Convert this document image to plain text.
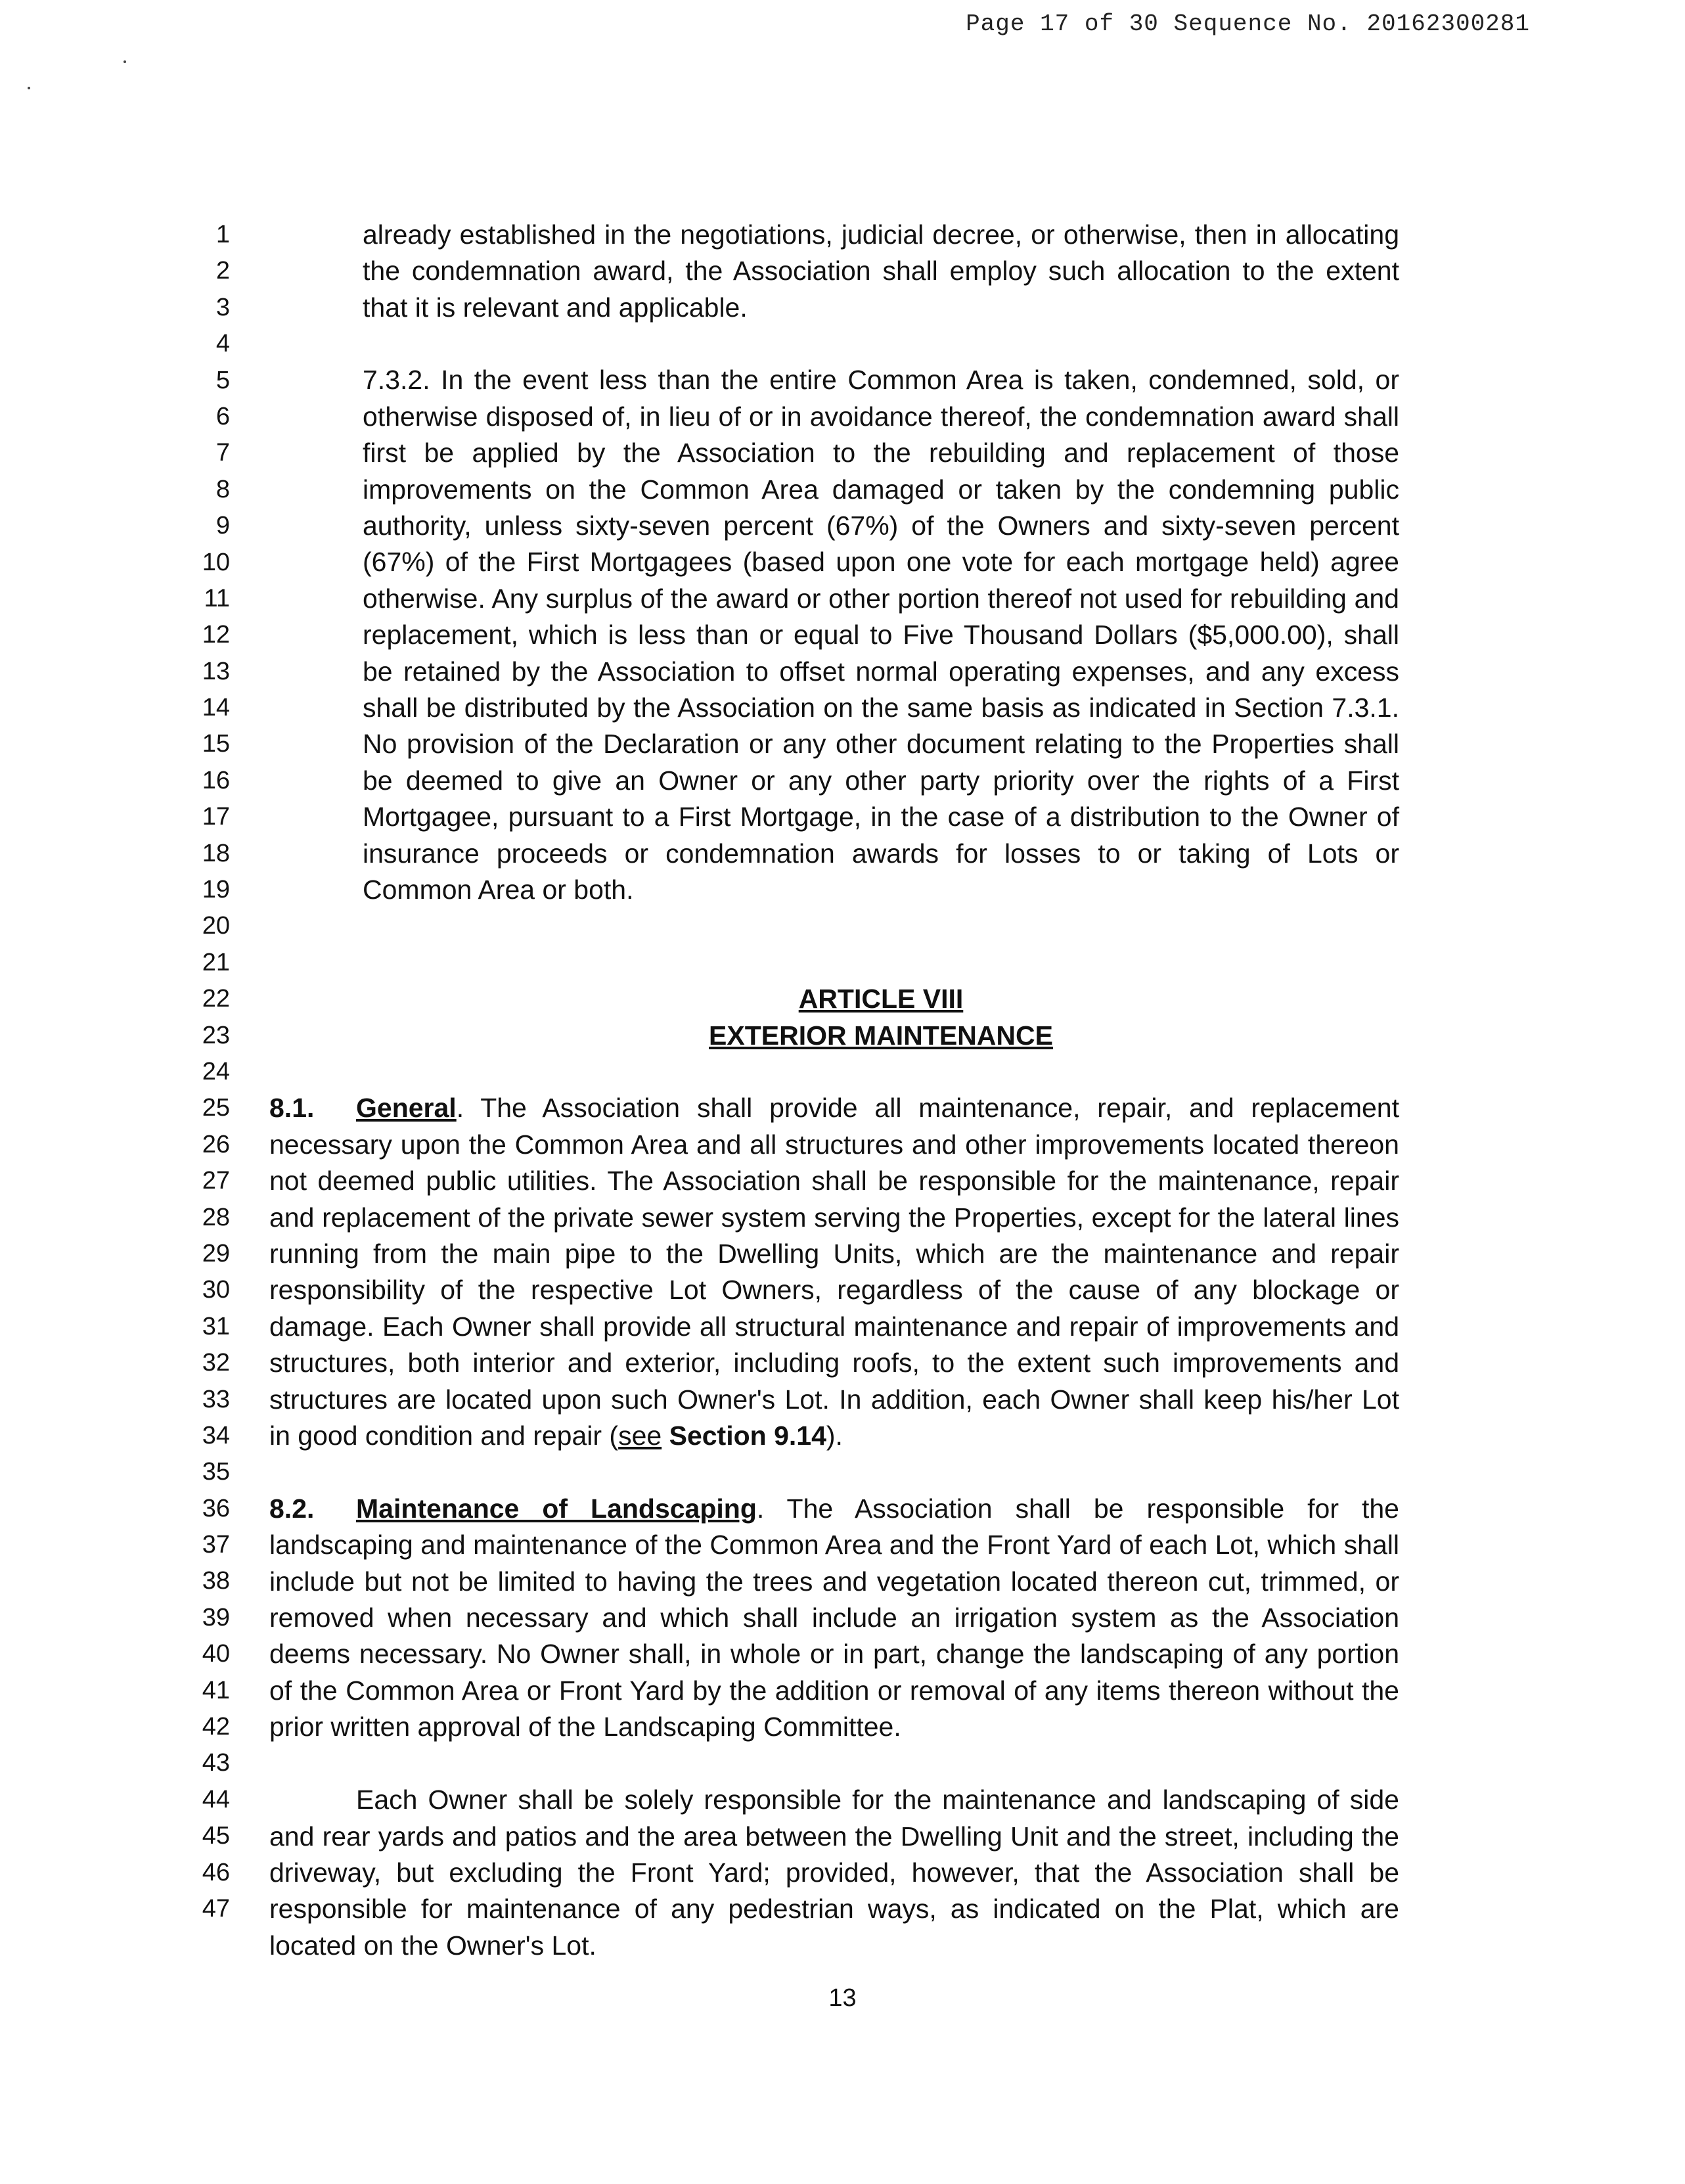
Page 17 of 30 Sequence No. 20162300281
1
2
3
4
5
6
7
8
9
10
11
12
13
14
15
16
17
18
19
20
21
22
23
24
25
26
27
28
29
30
31
32
33
34
35
36
37
38
39
40
41
42
43
44
45
46
47
already established in the negotiations, judicial decree, or otherwise, then in allocating the condemnation award, the Association shall employ such allocation to the extent that it is relevant and applicable.
7.3.2. In the event less than the entire Common Area is taken, condemned, sold, or otherwise disposed of, in lieu of or in avoidance thereof, the condemnation award shall first be applied by the Association to the rebuilding and replacement of those improvements on the Common Area damaged or taken by the condemning public authority, unless sixty-seven percent (67%) of the Owners and sixty-seven percent (67%) of the First Mortgagees (based upon one vote for each mortgage held) agree otherwise. Any surplus of the award or other portion thereof not used for rebuilding and replacement, which is less than or equal to Five Thousand Dollars ($5,000.00), shall be retained by the Association to offset normal operating expenses, and any excess shall be distributed by the Association on the same basis as indicated in Section 7.3.1. No provision of the Declaration or any other document relating to the Properties shall be deemed to give an Owner or any other party priority over the rights of a First Mortgagee, pursuant to a First Mortgage, in the case of a distribution to the Owner of insurance proceeds or condemnation awards for losses to or taking of Lots or Common Area or both.
ARTICLE VIII
EXTERIOR MAINTENANCE
8.1. General. The Association shall provide all maintenance, repair, and replacement necessary upon the Common Area and all structures and other improvements located thereon not deemed public utilities. The Association shall be responsible for the maintenance, repair and replacement of the private sewer system serving the Properties, except for the lateral lines running from the main pipe to the Dwelling Units, which are the maintenance and repair responsibility of the respective Lot Owners, regardless of the cause of any blockage or damage. Each Owner shall provide all structural maintenance and repair of improvements and structures, both interior and exterior, including roofs, to the extent such improvements and structures are located upon such Owner's Lot. In addition, each Owner shall keep his/her Lot in good condition and repair (see Section 9.14).
8.2. Maintenance of Landscaping. The Association shall be responsible for the landscaping and maintenance of the Common Area and the Front Yard of each Lot, which shall include but not be limited to having the trees and vegetation located thereon cut, trimmed, or removed when necessary and which shall include an irrigation system as the Association deems necessary. No Owner shall, in whole or in part, change the landscaping of any portion of the Common Area or Front Yard by the addition or removal of any items thereon without the prior written approval of the Landscaping Committee.
Each Owner shall be solely responsible for the maintenance and landscaping of side and rear yards and patios and the area between the Dwelling Unit and the street, including the driveway, but excluding the Front Yard; provided, however, that the Association shall be responsible for maintenance of any pedestrian ways, as indicated on the Plat, which are located on the Owner's Lot.
13
